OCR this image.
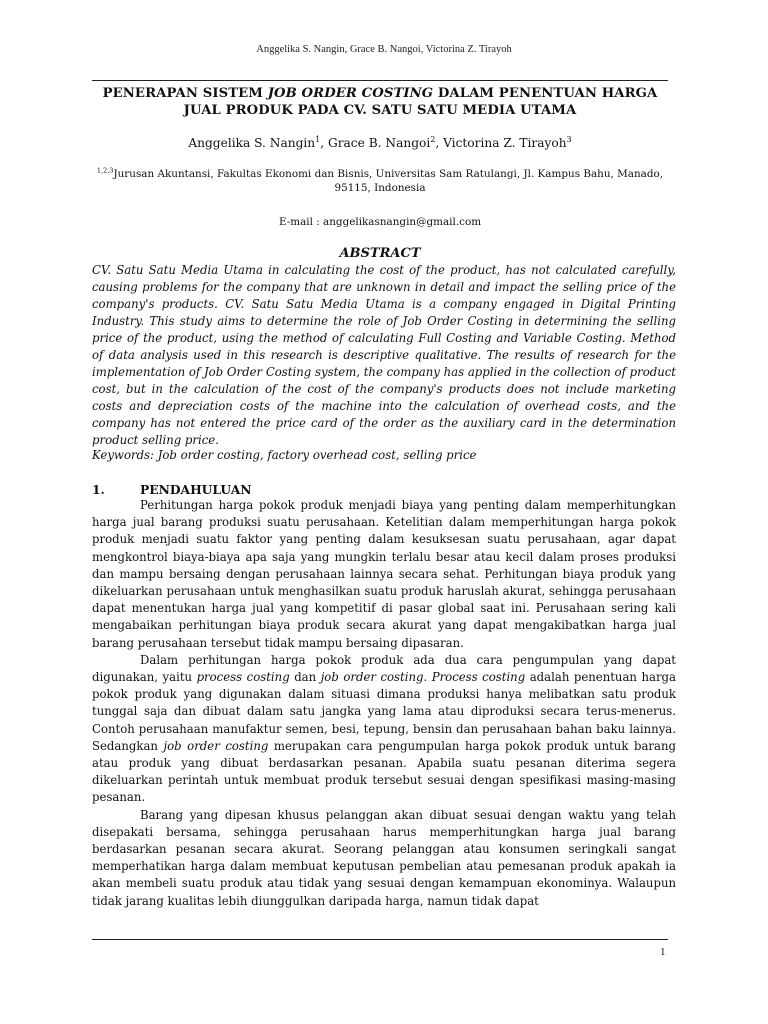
Anggelika S. Nangin, Grace B. Nangoi, Victorina Z. Tirayoh
PENERAPAN SISTEM JOB ORDER COSTING DALAM PENENTUAN HARGA
JUAL PRODUK PADA CV. SATU SATU MEDIA UTAMA
Anggelika S. Nangin$^1$, Grace B. Nangoi$^2$, Victorina Z. Tirayoh$^3$
$^{1,2,3}$Jurusan Akuntansi, Fakultas Ekonomi dan Bisnis, Universitas Sam Ratulangi, Jl. Kampus Bahu, Manado, 95115, Indonesia
E-mail : anggelikasnangin@gmail.com
ABSTRACT
CV. Satu Satu Media Utama in calculating the cost of the product, has not calculated carefully, causing problems for the company that are unknown in detail and impact the selling price of the company's products. CV. Satu Satu Media Utama is a company engaged in Digital Printing Industry. This study aims to determine the role of Job Order Costing in determining the selling price of the product, using the method of calculating Full Costing and Variable Costing. Method of data analysis used in this research is descriptive qualitative. The results of research for the implementation of Job Order Costing system, the company has applied in the collection of product cost, but in the calculation of the cost of the company's products does not include marketing costs and depreciation costs of the machine into the calculation of overhead costs, and the company has not entered the price card of the order as the auxiliary card in the determination product selling price.
Keywords: Job order costing, factory overhead cost, selling price
1.	PENDAHULUAN

Perhitungan harga pokok produk menjadi biaya yang penting dalam memperhitungkan harga jual barang produksi suatu perusahaan. Ketelitian dalam memperhitungan harga pokok produk menjadi suatu faktor yang penting dalam kesuksesan suatu perusahaan, agar dapat mengkontrol biaya-biaya apa saja yang mungkin terlalu besar atau kecil dalam proses produksi dan mampu bersaing dengan perusahaan lainnya secara sehat. Perhitungan biaya produk yang dikeluarkan perusahaan untuk menghasilkan suatu produk haruslah akurat, sehingga perusahaan dapat menentukan harga jual yang kompetitif di pasar global saat ini. Perusahaan sering kali mengabaikan perhitungan biaya produk secara akurat yang dapat mengakibatkan harga jual barang perusahaan tersebut tidak mampu bersaing dipasaran.

Dalam perhitungan harga pokok produk ada dua cara pengumpulan yang dapat digunakan, yaitu process costing dan job order costing. Process costing adalah penentuan harga pokok produk yang digunakan dalam situasi dimana produksi hanya melibatkan satu produk tunggal saja dan dibuat dalam satu jangka yang lama atau diproduksi secara terus-menerus. Contoh perusahaan manufaktur semen, besi, tepung, bensin dan perusahaan bahan baku lainnya. Sedangkan job order costing merupakan cara pengumpulan harga pokok produk untuk barang atau produk yang dibuat berdasarkan pesanan. Apabila suatu pesanan diterima segera dikeluarkan perintah untuk membuat produk tersebut sesuai dengan spesifikasi masing-masing pesanan.

Barang yang dipesan khusus pelanggan akan dibuat sesuai dengan waktu yang telah disepakati bersama, sehingga perusahaan harus memperhitungkan harga jual barang berdasarkan pesanan secara akurat. Seorang pelanggan atau konsumen seringkali sangat memperhatikan harga dalam membuat keputusan pembelian atau pemesanan produk apakah ia akan membeli suatu produk atau tidak yang sesuai dengan kemampuan ekonominya. Walaupun tidak jarang kualitas lebih diunggulkan daripada harga, namun tidak dapat

1
